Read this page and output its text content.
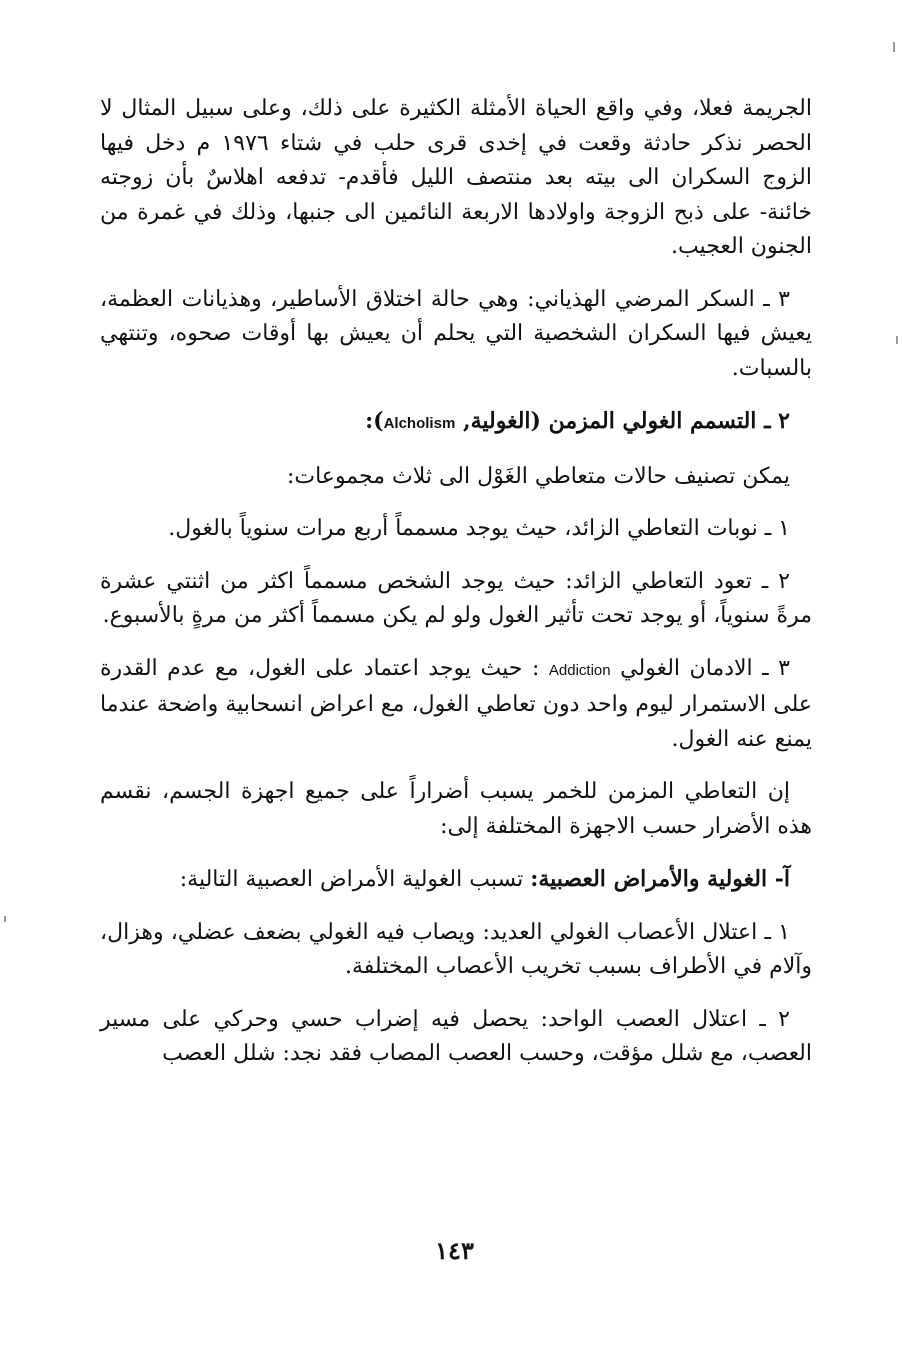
الجريمة فعلا، وفي واقع الحياة الأمثلة الكثيرة على ذلك، وعلى سبيل المثال لا الحصر نذكر حادثة وقعت في إخدى قرى حلب في شتاء ١٩٧٦ م دخل فيها الزوج السكران الى بيته بعد منتصف الليل فأقدم- تدفعه اهلاسٌ بأن زوجته خائنة- على ذبح الزوجة واولادها الاربعة النائمين الى جنبها، وذلك في غمرة من الجنون العجيب.

٣ ـ السكر المرضي الهذياني: وهي حالة اختلاق الأساطير، وهذيانات العظمة، يعيش فيها السكران الشخصية التي يحلم أن يعيش بها أوقات صحوه، وتنتهي بالسبات.

٢ ـ التسمم الغولي المزمن (الغولية, Alcholism):

يمكن تصنيف حالات متعاطي الغَوْل الى ثلاث مجموعات:

١ ـ نوبات التعاطي الزائد، حيث يوجد مسمماً أربع مرات سنوياً بالغول.

٢ ـ تعود التعاطي الزائد: حيث يوجد الشخص مسمماً اكثر من اثنتي عشرة مرةً سنوياً، أو يوجد تحت تأثير الغول ولو لم يكن مسمماً أكثر من مرةٍ بالأسبوع.

٣ ـ الادمان الغولي Addiction : حيث يوجد اعتماد على الغول، مع عدم القدرة على الاستمرار ليوم واحد دون تعاطي الغول، مع اعراض انسحابية واضحة عندما يمنع عنه الغول.

إن التعاطي المزمن للخمر يسبب أضراراً على جميع اجهزة الجسم، نقسم هذه الأضرار حسب الاجهزة المختلفة إلى:

آ- الغولية والأمراض العصبية: تسبب الغولية الأمراض العصبية التالية:

١ ـ اعتلال الأعصاب الغولي العديد: ويصاب فيه الغولي بضعف عضلي، وهزال، وآلام في الأطراف بسبب تخريب الأعصاب المختلفة.

٢ ـ اعتلال العصب الواحد: يحصل فيه إضراب حسي وحركي على مسير العصب، مع شلل مؤقت، وحسب العصب المصاب فقد نجد: شلل العصب

١٤٣
